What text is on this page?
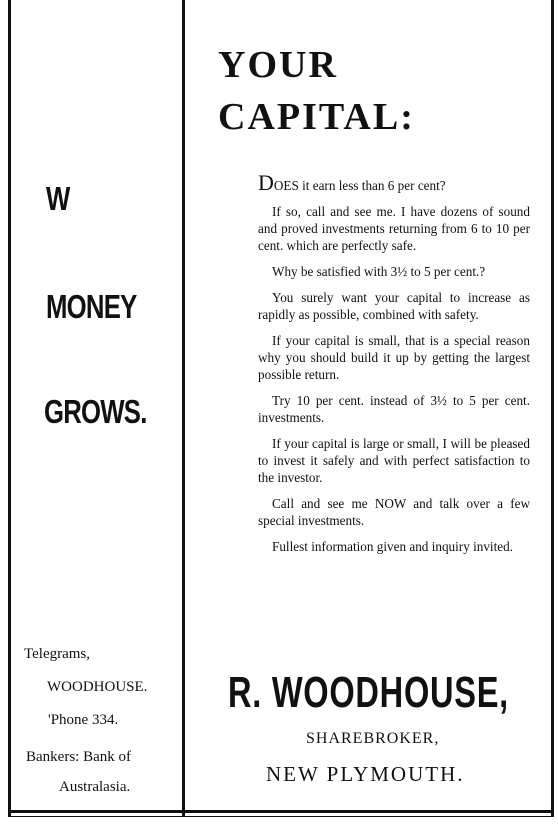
W
MONEY
GROWS.
Telegrams,
WOODHOUSE.
'Phone 334.
Bankers: Bank of
Australasia.
YOUR
CAPITAL:

DOES it earn less than 6 per cent?

If so, call and see me. I have dozens of sound and proved investments returning from 6 to 10 per cent. which are perfectly safe.

Why be satisfied with 3½ to 5 per cent.?

You surely want your capital to increase as rapidly as possible, combined with safety.

If your capital is small, that is a special reason why you should build it up by getting the largest possible return.

Try 10 per cent. instead of 3½ to 5 per cent. investments.

If your capital is large or small, I will be pleased to invest it safely and with perfect satisfaction to the investor.

Call and see me NOW and talk over a few special investments.

Fullest information given and inquiry invited.

R. WOODHOUSE,
SHAREBROKER,
NEW PLYMOUTH.
